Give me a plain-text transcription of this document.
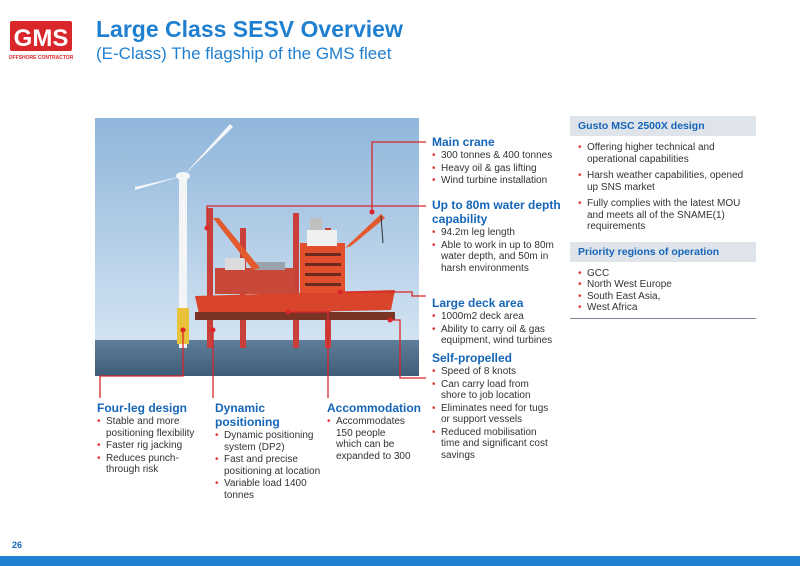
GMS
OFFSHORE CONTRACTOR
Large Class SESV Overview
(E-Class) The flagship of the GMS fleet
Main crane
• 300 tonnes & 400 tonnes
• Heavy oil & gas lifting
• Wind turbine installation
Up to 80m water depth capability
• 94.2m leg length
• Able to work in up to 80m water depth, and 50m in harsh environments
Large deck area
• 1000m2 deck area
• Ability to carry oil & gas equipment, wind turbines
Self-propelled
• Speed of 8 knots
• Can carry load from shore to job location
• Eliminates need for tugs or support vessels
• Reduced mobilisation time and significant cost savings
Four-leg design
• Stable and more positioning flexibility
• Faster rig jacking
• Reduces punch-through risk
Dynamic positioning
• Dynamic positioning system (DP2)
• Fast and precise positioning at location
• Variable load 1400 tonnes
Accommodation
• Accommodates 150 people which can be expanded to 300
Gusto MSC 2500X design
• Offering higher technical and operational capabilities
• Harsh weather capabilities, opened up SNS market
• Fully complies with the latest MOU and meets all of the SNAME(1) requirements
Priority regions of operation
• GCC
• North West Europe
• South East Asia,
• West Africa
26
